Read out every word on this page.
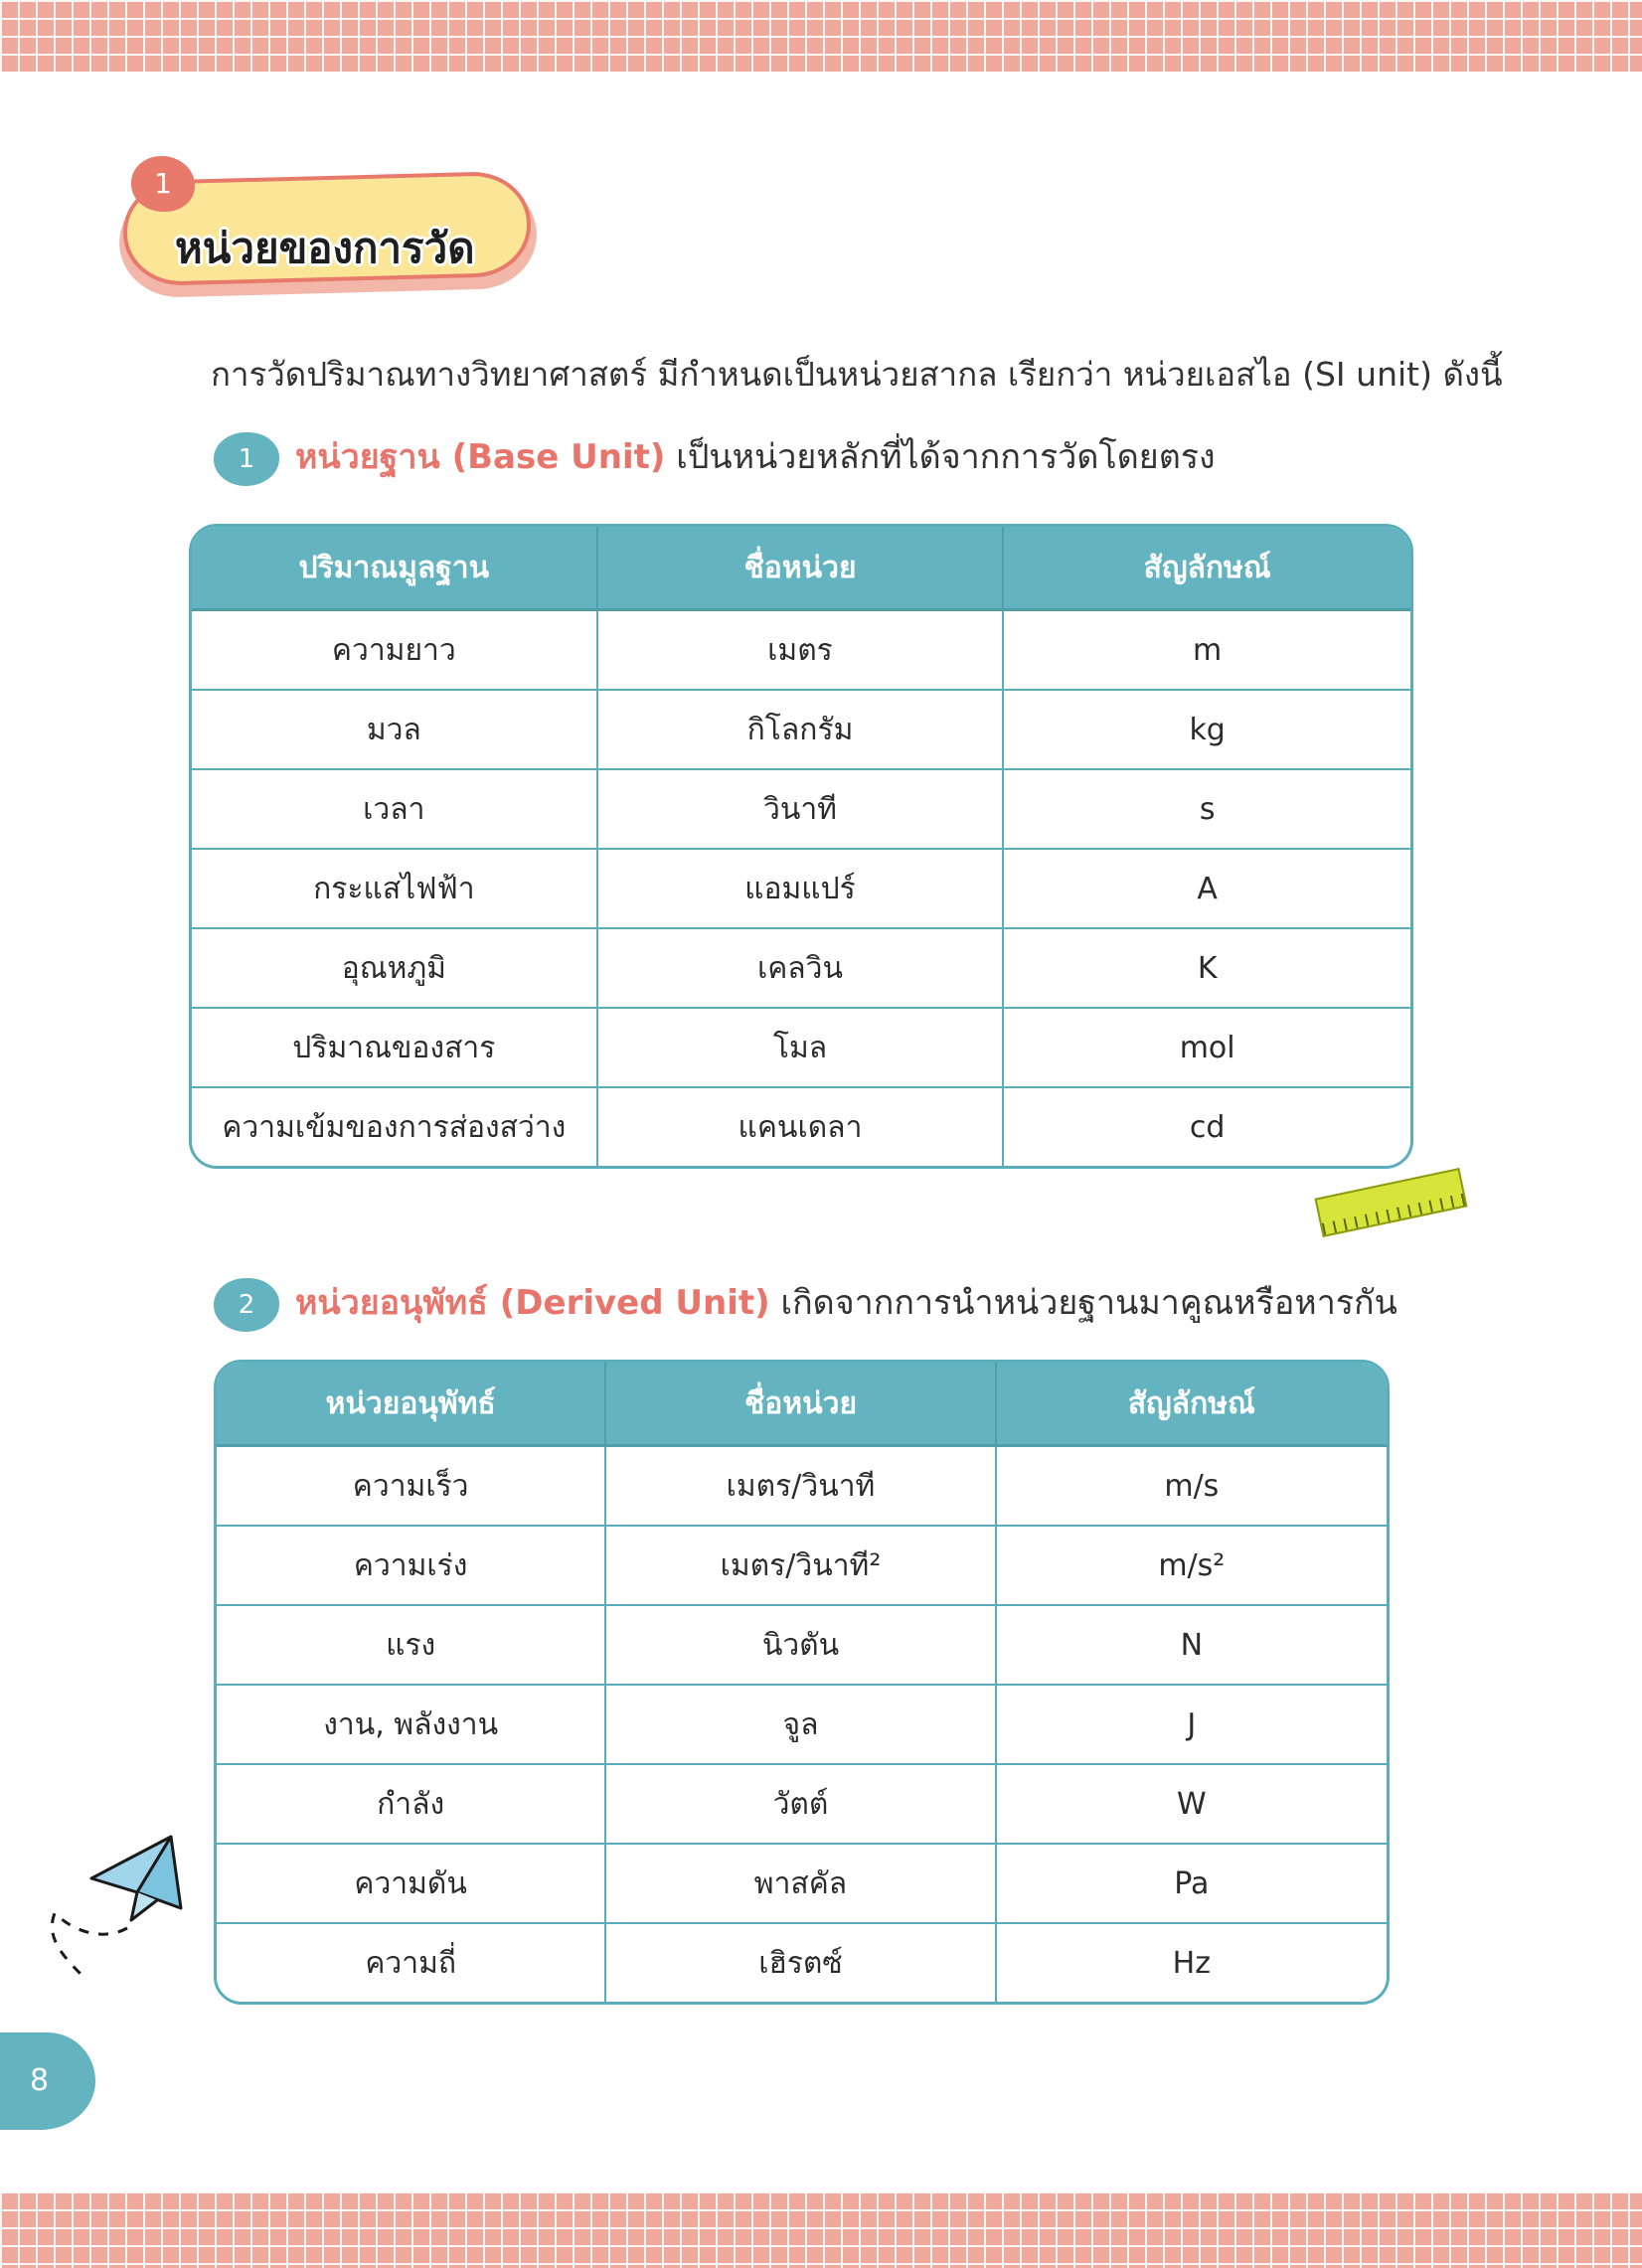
1
หน่วยของการวัด
การวัดปริมาณทางวิทยาศาสตร์ มีกำหนดเป็นหน่วยสากล เรียกว่า หน่วยเอสไอ (SI unit) ดังนี้
1 หน่วยฐาน (Base Unit) เป็นหน่วยหลักที่ได้จากการวัดโดยตรง
ปริมาณมูลฐาน	ชื่อหน่วย	สัญลักษณ์
ความยาว	เมตร	m
มวล	กิโลกรัม	kg
เวลา	วินาที	s
กระแสไฟฟ้า	แอมแปร์	A
อุณหภูมิ	เคลวิน	K
ปริมาณของสาร	โมล	mol
ความเข้มของการส่องสว่าง	แคนเดลา	cd
2 หน่วยอนุพัทธ์ (Derived Unit) เกิดจากการนำหน่วยฐานมาคูณหรือหารกัน
หน่วยอนุพัทธ์	ชื่อหน่วย	สัญลักษณ์
ความเร็ว	เมตร/วินาที	m/s
ความเร่ง	เมตร/วินาที²	m/s²
แรง	นิวตัน	N
งาน, พลังงาน	จูล	J
กำลัง	วัตต์	W
ความดัน	พาสคัล	Pa
ความถี่	เฮิรตซ์	Hz
8
